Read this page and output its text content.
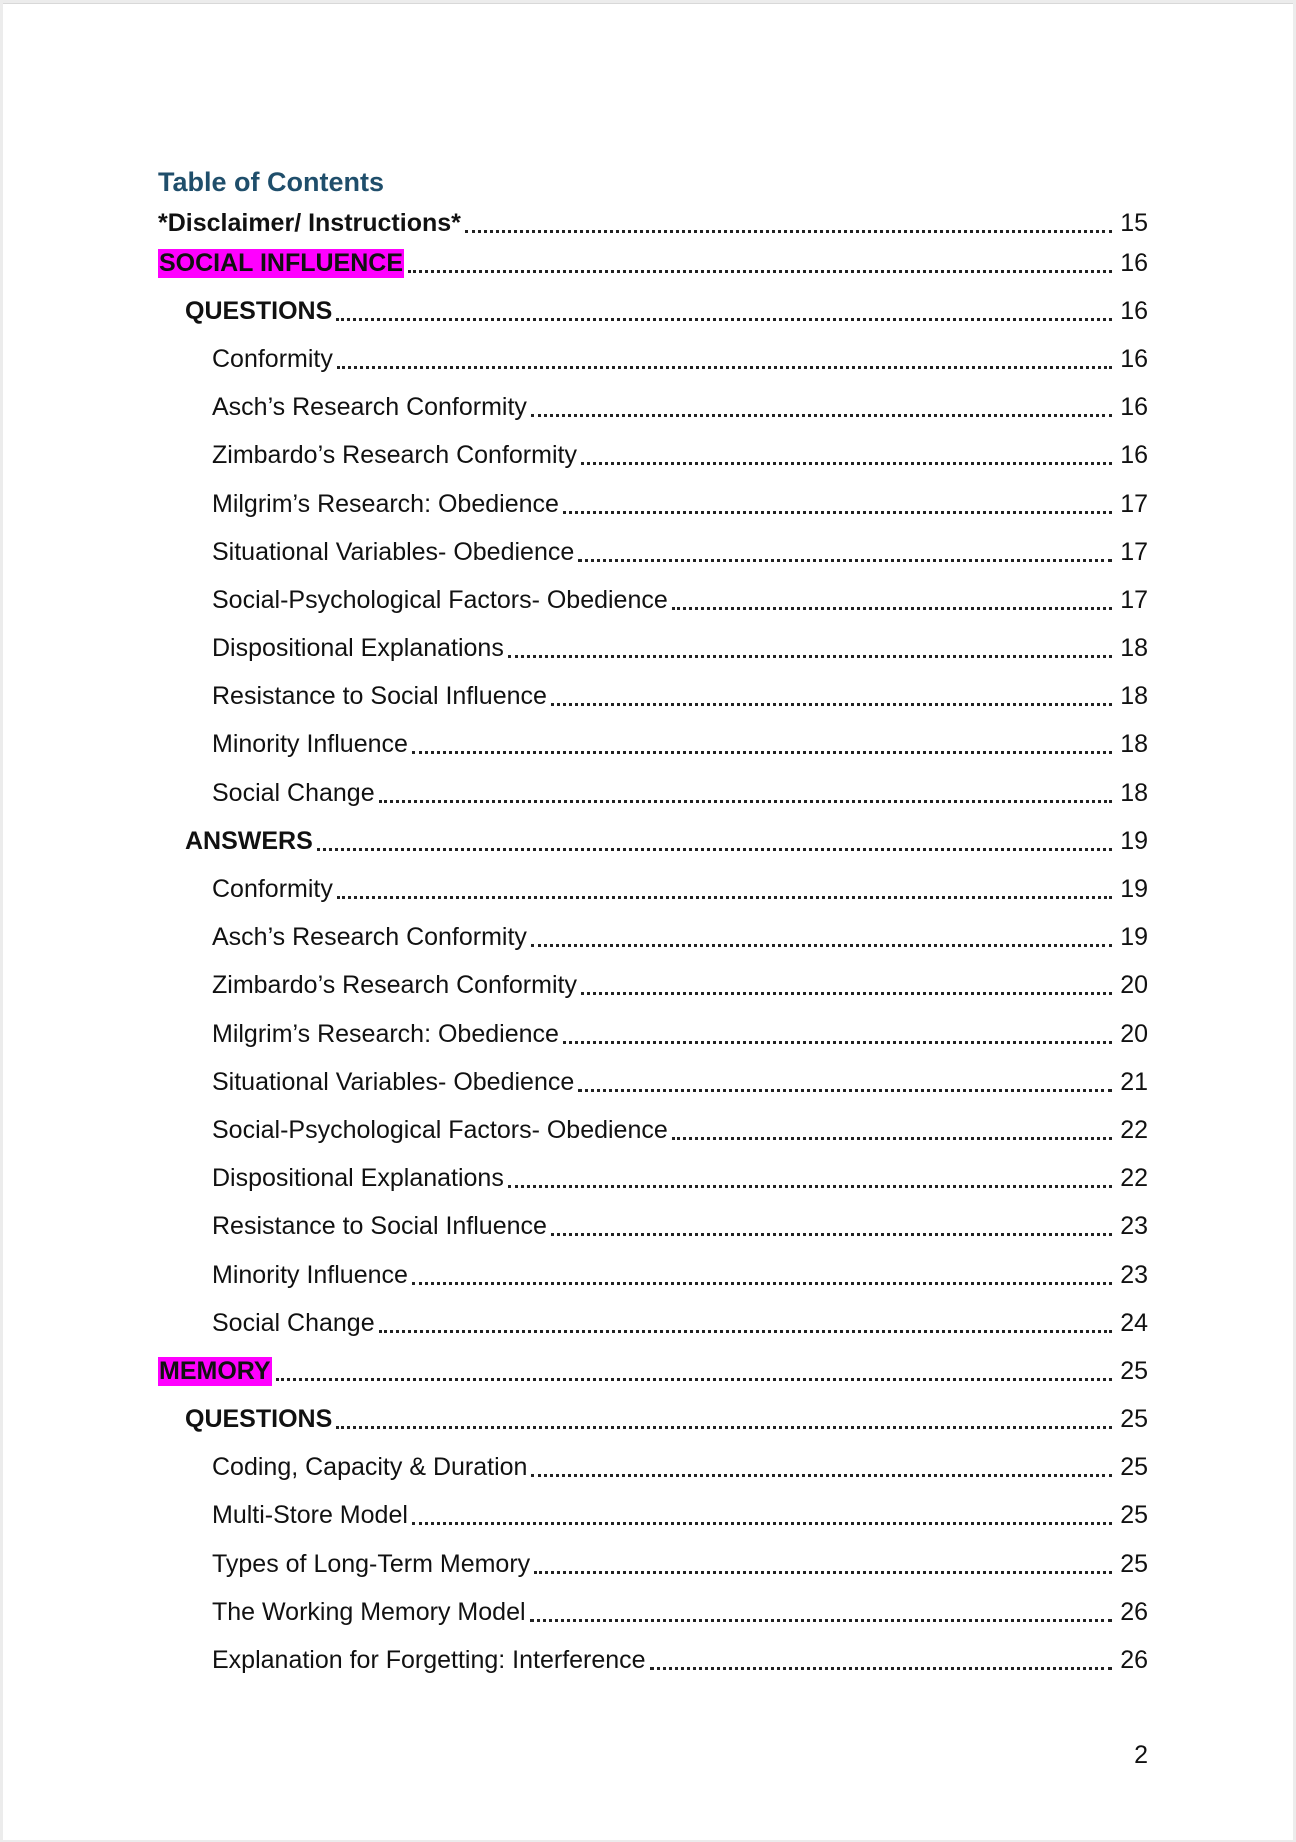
Table of Contents
*Disclaimer/ Instructions*	15
SOCIAL INFLUENCE	16
QUESTIONS	16
Conformity	16
Asch’s Research Conformity	16
Zimbardo’s Research Conformity	16
Milgrim’s Research: Obedience	17
Situational Variables- Obedience	17
Social-Psychological Factors- Obedience	17
Dispositional Explanations	18
Resistance to Social Influence	18
Minority Influence	18
Social Change	18
ANSWERS	19
Conformity	19
Asch’s Research Conformity	19
Zimbardo’s Research Conformity	20
Milgrim’s Research: Obedience	20
Situational Variables- Obedience	21
Social-Psychological Factors- Obedience	22
Dispositional Explanations	22
Resistance to Social Influence	23
Minority Influence	23
Social Change	24
MEMORY	25
QUESTIONS	25
Coding, Capacity & Duration	25
Multi-Store Model	25
Types of Long-Term Memory	25
The Working Memory Model	26
Explanation for Forgetting: Interference	26
2
